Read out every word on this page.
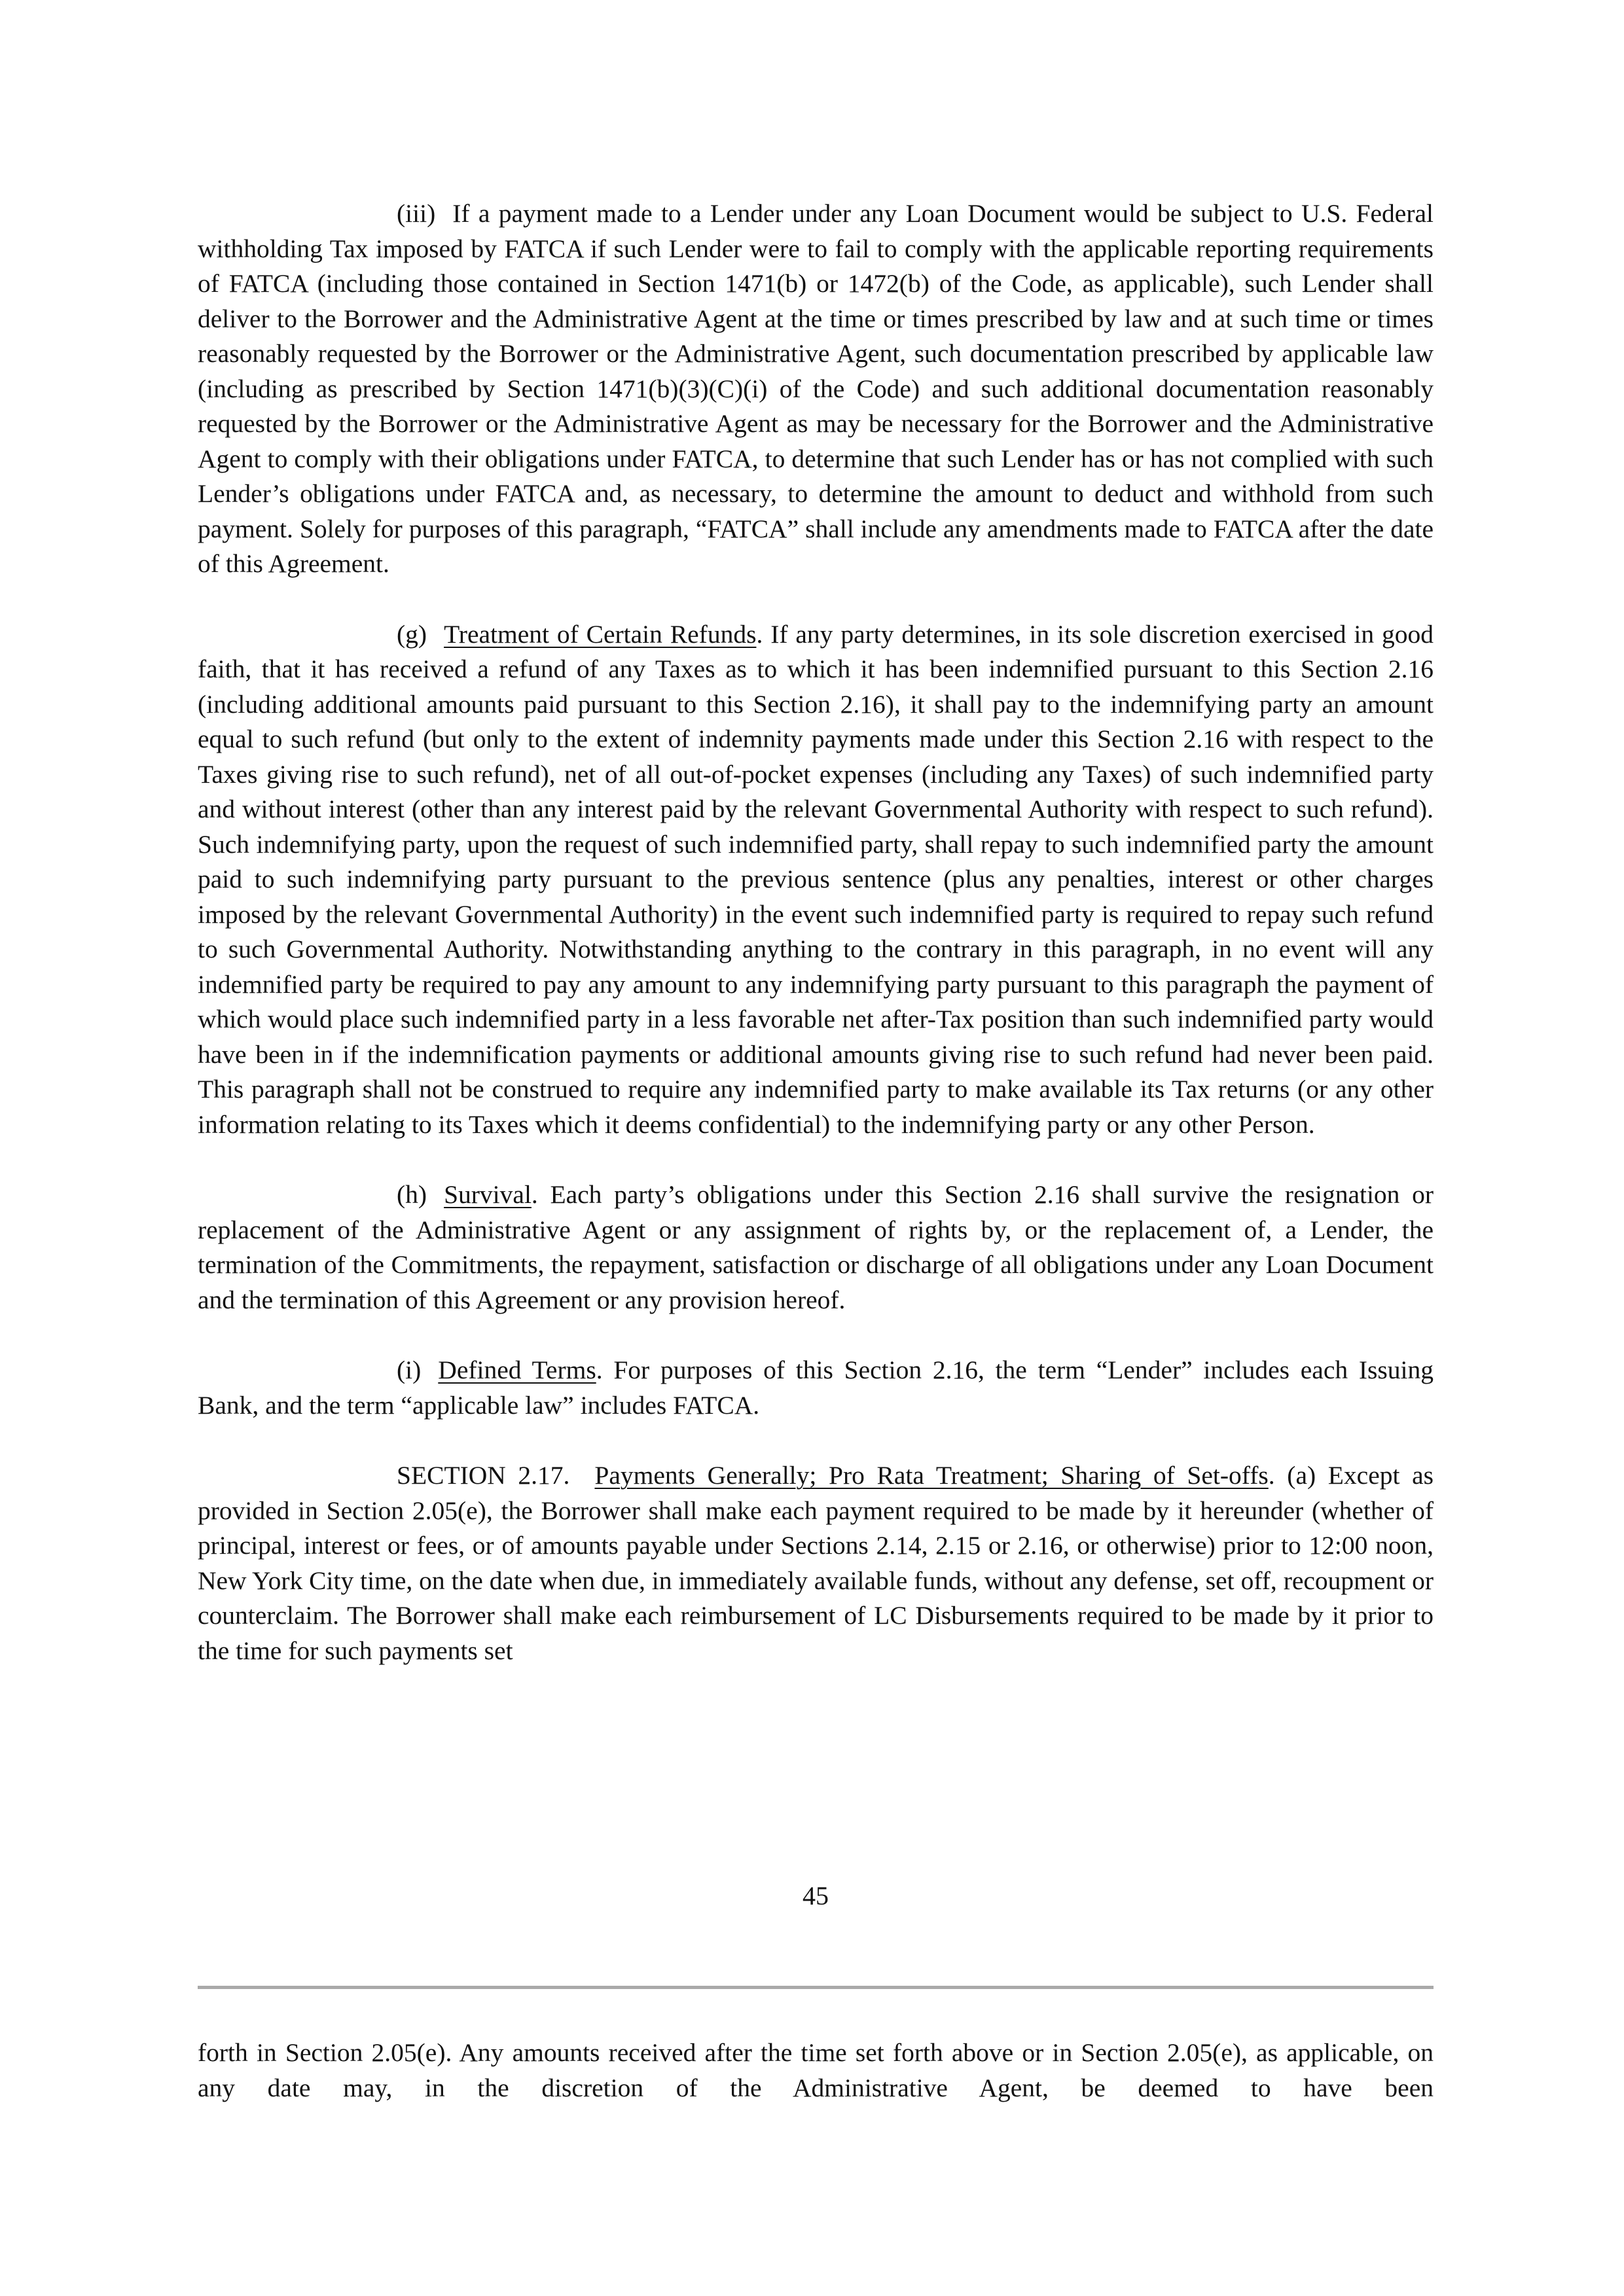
(iii) If a payment made to a Lender under any Loan Document would be subject to U.S. Federal withholding Tax imposed by FATCA if such Lender were to fail to comply with the applicable reporting requirements of FATCA (including those contained in Section 1471(b) or 1472(b) of the Code, as applicable), such Lender shall deliver to the Borrower and the Administrative Agent at the time or times prescribed by law and at such time or times reasonably requested by the Borrower or the Administrative Agent, such documentation prescribed by applicable law (including as prescribed by Section 1471(b)(3)(C)(i) of the Code) and such additional documentation reasonably requested by the Borrower or the Administrative Agent as may be necessary for the Borrower and the Administrative Agent to comply with their obligations under FATCA, to determine that such Lender has or has not complied with such Lender’s obligations under FATCA and, as necessary, to determine the amount to deduct and withhold from such payment. Solely for purposes of this paragraph, “FATCA” shall include any amendments made to FATCA after the date of this Agreement.

(g) Treatment of Certain Refunds. If any party determines, in its sole discretion exercised in good faith, that it has received a refund of any Taxes as to which it has been indemnified pursuant to this Section 2.16 (including additional amounts paid pursuant to this Section 2.16), it shall pay to the indemnifying party an amount equal to such refund (but only to the extent of indemnity payments made under this Section 2.16 with respect to the Taxes giving rise to such refund), net of all out-of-pocket expenses (including any Taxes) of such indemnified party and without interest (other than any interest paid by the relevant Governmental Authority with respect to such refund). Such indemnifying party, upon the request of such indemnified party, shall repay to such indemnified party the amount paid to such indemnifying party pursuant to the previous sentence (plus any penalties, interest or other charges imposed by the relevant Governmental Authority) in the event such indemnified party is required to repay such refund to such Governmental Authority. Notwithstanding anything to the contrary in this paragraph, in no event will any indemnified party be required to pay any amount to any indemnifying party pursuant to this paragraph the payment of which would place such indemnified party in a less favorable net after-Tax position than such indemnified party would have been in if the indemnification payments or additional amounts giving rise to such refund had never been paid. This paragraph shall not be construed to require any indemnified party to make available its Tax returns (or any other information relating to its Taxes which it deems confidential) to the indemnifying party or any other Person.

(h) Survival. Each party’s obligations under this Section 2.16 shall survive the resignation or replacement of the Administrative Agent or any assignment of rights by, or the replacement of, a Lender, the termination of the Commitments, the repayment, satisfaction or discharge of all obligations under any Loan Document and the termination of this Agreement or any provision hereof.

(i) Defined Terms. For purposes of this Section 2.16, the term “Lender” includes each Issuing Bank, and the term “applicable law” includes FATCA.

SECTION 2.17. Payments Generally; Pro Rata Treatment; Sharing of Set-offs. (a) Except as provided in Section 2.05(e), the Borrower shall make each payment required to be made by it hereunder (whether of principal, interest or fees, or of amounts payable under Sections 2.14, 2.15 or 2.16, or otherwise) prior to 12:00 noon, New York City time, on the date when due, in immediately available funds, without any defense, set off, recoupment or counterclaim. The Borrower shall make each reimbursement of LC Disbursements required to be made by it prior to the time for such payments set

45

forth in Section 2.05(e). Any amounts received after the time set forth above or in Section 2.05(e), as applicable, on any date may, in the discretion of the Administrative Agent, be deemed to have been
